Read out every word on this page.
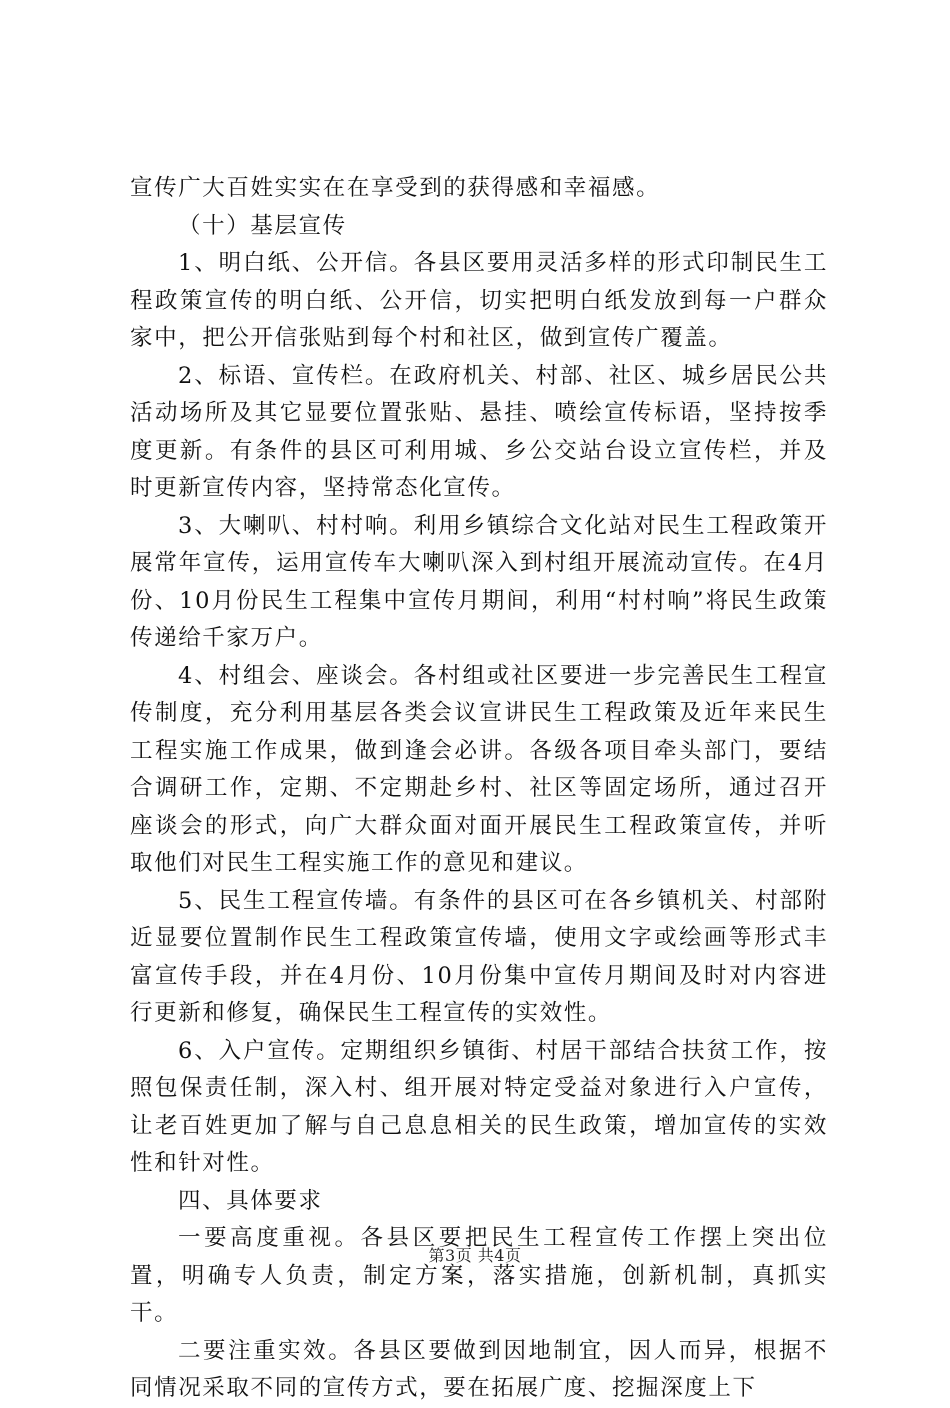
宣传广大百姓实实在在享受到的获得感和幸福感。

（十）基层宣传

1、明白纸、公开信。各县区要用灵活多样的形式印制民生工程政策宣传的明白纸、公开信，切实把明白纸发放到每一户群众家中，把公开信张贴到每个村和社区，做到宣传广覆盖。

2、标语、宣传栏。在政府机关、村部、社区、城乡居民公共活动场所及其它显要位置张贴、悬挂、喷绘宣传标语，坚持按季度更新。有条件的县区可利用城、乡公交站台设立宣传栏，并及时更新宣传内容，坚持常态化宣传。

3、大喇叭、村村响。利用乡镇综合文化站对民生工程政策开展常年宣传，运用宣传车大喇叭深入到村组开展流动宣传。在4月份、10月份民生工程集中宣传月期间，利用“村村响”将民生政策传递给千家万户。

4、村组会、座谈会。各村组或社区要进一步完善民生工程宣传制度，充分利用基层各类会议宣讲民生工程政策及近年来民生工程实施工作成果，做到逢会必讲。各级各项目牵头部门，要结合调研工作，定期、不定期赴乡村、社区等固定场所，通过召开座谈会的形式，向广大群众面对面开展民生工程政策宣传，并听取他们对民生工程实施工作的意见和建议。

5、民生工程宣传墙。有条件的县区可在各乡镇机关、村部附近显要位置制作民生工程政策宣传墙，使用文字或绘画等形式丰富宣传手段，并在4月份、10月份集中宣传月期间及时对内容进行更新和修复，确保民生工程宣传的实效性。

6、入户宣传。定期组织乡镇街、村居干部结合扶贫工作，按照包保责任制，深入村、组开展对特定受益对象进行入户宣传，让老百姓更加了解与自己息息相关的民生政策，增加宣传的实效性和针对性。

四、具体要求

一要高度重视。各县区要把民生工程宣传工作摆上突出位置，明确专人负责，制定方案，落实措施，创新机制，真抓实干。

二要注重实效。各县区要做到因地制宜，因人而异，根据不同情况采取不同的宣传方式，要在拓展广度、挖掘深度上下

第3页 共4页
